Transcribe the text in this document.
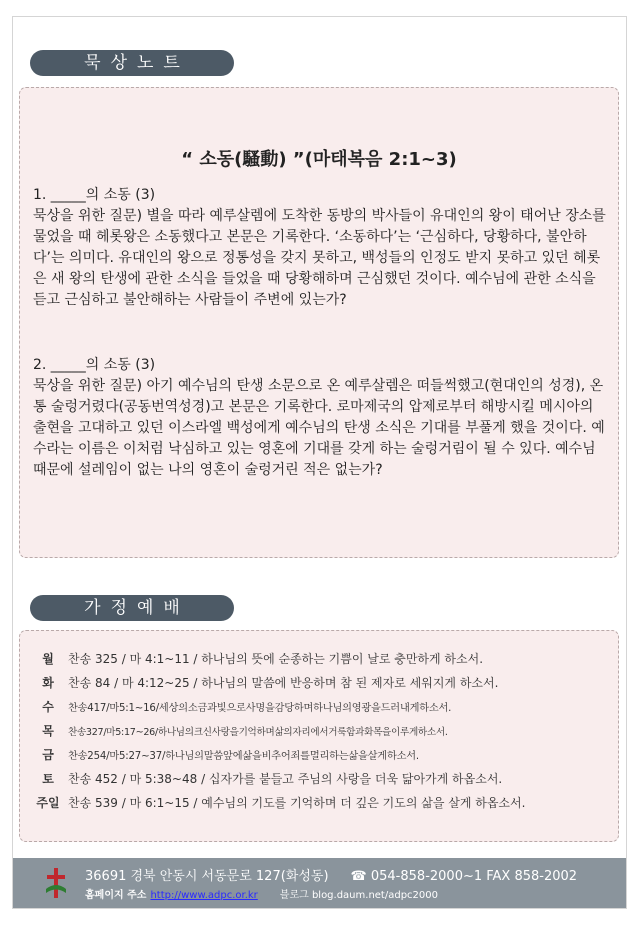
묵상노트
“ 소동(騷動) ”(마태복음 2:1~3)
1. _____의 소동 (3)
묵상을 위한 질문) 별을 따라 예루살렘에 도착한 동방의 박사들이 유대인의 왕이 태어난 장소를 물었을 때 헤롯왕은 소동했다고 본문은 기록한다. ‘소동하다’는 ‘근심하다, 당황하다, 불안하다’는 의미다. 유대인의 왕으로 정통성을 갖지 못하고, 백성들의 인정도 받지 못하고 있던 헤롯은 새 왕의 탄생에 관한 소식을 들었을 때 당황해하며 근심했던 것이다. 예수님에 관한 소식을 듣고 근심하고 불안해하는 사람들이 주변에 있는가?
2. _____의 소동 (3)
묵상을 위한 질문) 아기 예수님의 탄생 소문으로 온 예루살렘은 떠들썩했고(현대인의 성경), 온통 술렁거렸다(공동번역성경)고 본문은 기록한다. 로마제국의 압제로부터 해방시킬 메시아의 출현을 고대하고 있던 이스라엘 백성에게 예수님의 탄생 소식은 기대를 부풀게 했을 것이다. 예수라는 이름은 이처럼 낙심하고 있는 영혼에 기대를 갖게 하는 술렁거림이 될 수 있다. 예수님 때문에 설레임이 없는 나의 영혼이 술렁거린 적은 없는가?
가정예배
월 찬송 325 / 마 4:1~11 / 하나님의 뜻에 순종하는 기쁨이 날로 충만하게 하소서.
화 찬송 84 / 마 4:12~25 / 하나님의 말씀에 반응하며 참 된 제자로 세워지게 하소서.
수 찬송417/마5:1~16/세상의소금과빛으로사명을감당하며하나님의영광을드러내게하소서.
목 찬송327/마5:17~26/하나님의크신사랑을기억하며삶의자리에서거룩함과화목을이루게하소서.
금 찬송254/마5:27~37/하나님의말씀앞에삶을비추어죄를멀리하는삶을살게하소서.
토 찬송 452 / 마 5:38~48 / 십자가를 붙들고 주님의 사랑을 더욱 닮아가게 하옵소서.
주일 찬송 539 / 마 6:1~15 / 예수님의 기도를 기억하며 더 깊은 기도의 삶을 살게 하옵소서.
36691 경북 안동시 서동문로 127(화성동) ☎ 054-858-2000~1 FAX 858-2002
홈페이지 주소 http://www.adpc.or.kr 블로그 blog.daum.net/adpc2000
